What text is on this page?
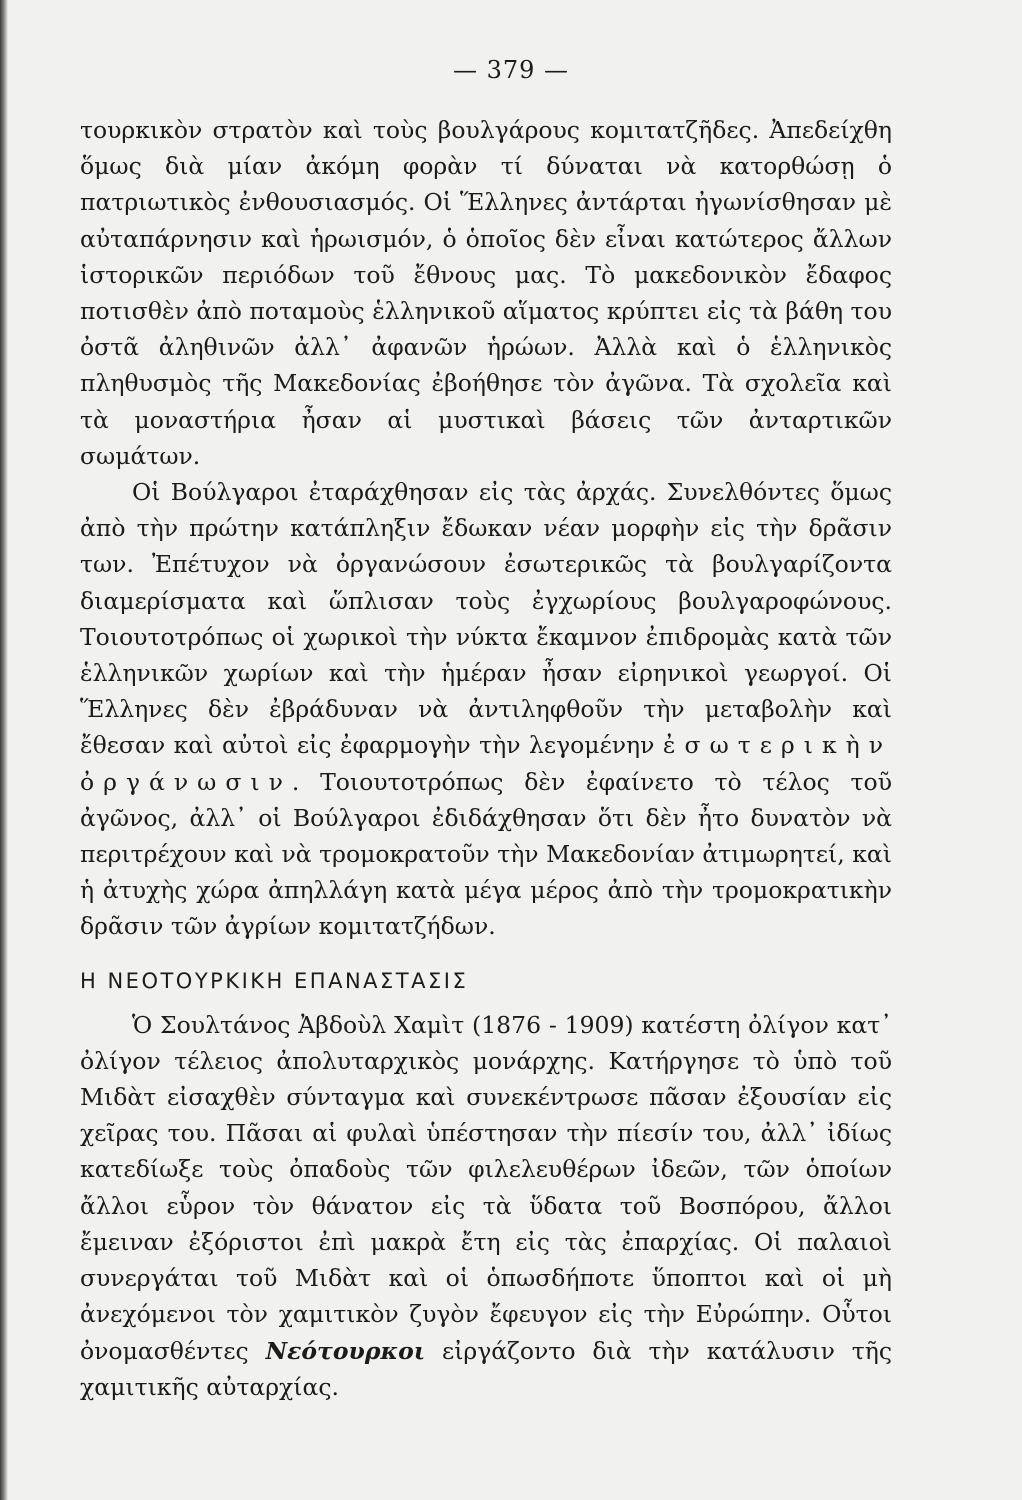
— 379 —

τουρκικὸν στρατὸν καὶ τοὺς βουλγάρους κομιτατζῆδες. Ἀπεδείχθη ὅμως διὰ μίαν ἀκόμη φορὰν τί δύναται νὰ κατορθώσῃ ὁ πατριωτικὸς ἐνθουσιασμός. Οἱ Ἕλληνες ἀντάρται ἠγωνίσθησαν μὲ αὐταπάρνησιν καὶ ἡρωισμόν, ὁ ὁποῖος δὲν εἶναι κατώτερος ἄλλων ἱστορικῶν περιόδων τοῦ ἔθνους μας. Τὸ μακεδονικὸν ἔδαφος ποτισθὲν ἀπὸ ποταμοὺς ἑλληνικοῦ αἵματος κρύπτει εἰς τὰ βάθη του ὀστᾶ ἀληθινῶν ἀλλ᾽ ἀφανῶν ἡρώων. Ἀλλὰ καὶ ὁ ἑλληνικὸς πληθυσμὸς τῆς Μακεδονίας ἐβοήθησε τὸν ἀγῶνα. Τὰ σχολεῖα καὶ τὰ μοναστήρια ἦσαν αἱ μυστικαὶ βάσεις τῶν ἀνταρτικῶν σωμάτων.

Οἱ Βούλγαροι ἐταράχθησαν εἰς τὰς ἀρχάς. Συνελθόντες ὅμως ἀπὸ τὴν πρώτην κατάπληξιν ἔδωκαν νέαν μορφὴν εἰς τὴν δρᾶσιν των. Ἐπέτυχον νὰ ὀργανώσουν ἐσωτερικῶς τὰ βουλγαρίζοντα διαμερίσματα καὶ ὥπλισαν τοὺς ἐγχωρίους βουλγαροφώνους. Τοιουτοτρόπως οἱ χωρικοὶ τὴν νύκτα ἔκαμνον ἐπιδρομὰς κατὰ τῶν ἑλληνικῶν χωρίων καὶ τὴν ἡμέραν ἦσαν εἰρηνικοὶ γεωργοί. Οἱ Ἕλληνες δὲν ἐβράδυναν νὰ ἀντιληφθοῦν τὴν μεταβολὴν καὶ ἔθεσαν καὶ αὐτοὶ εἰς ἐφαρμογὴν τὴν λεγομένην ἐσωτερικὴν ὀργάνωσιν. Τοιουτοτρόπως δὲν ἐφαίνετο τὸ τέλος τοῦ ἀγῶνος, ἀλλ᾽ οἱ Βούλγαροι ἐδιδάχθησαν ὅτι δὲν ἦτο δυνατὸν νὰ περιτρέχουν καὶ νὰ τρομοκρατοῦν τὴν Μακεδονίαν ἀτιμωρητεί, καὶ ἡ ἀτυχὴς χώρα ἀπηλλάγη κατὰ μέγα μέρος ἀπὸ τὴν τρομοκρατικὴν δρᾶσιν τῶν ἀγρίων κομιτατζήδων.

Η ΝΕΟΤΟΥΡΚΙΚΗ ΕΠΑΝΑΣΤΑΣΙΣ

Ὁ Σουλτάνος Ἀβδοὺλ Χαμὶτ (1876 - 1909) κατέστη ὀλίγον κατ᾽ ὀλίγον τέλειος ἀπολυταρχικὸς μονάρχης. Κατήργησε τὸ ὑπὸ τοῦ Μιδὰτ εἰσαχθὲν σύνταγμα καὶ συνεκέντρωσε πᾶσαν ἐξουσίαν εἰς χεῖρας του. Πᾶσαι αἱ φυλαὶ ὑπέστησαν τὴν πίεσίν του, ἀλλ᾽ ἰδίως κατεδίωξε τοὺς ὀπαδοὺς τῶν φιλελευθέρων ἰδεῶν, τῶν ὁποίων ἄλλοι εὗρον τὸν θάνατον εἰς τὰ ὕδατα τοῦ Βοσπόρου, ἄλλοι ἔμειναν ἐξόριστοι ἐπὶ μακρὰ ἔτη εἰς τὰς ἐπαρχίας. Οἱ παλαιοὶ συνεργάται τοῦ Μιδὰτ καὶ οἱ ὁπωσδήποτε ὕποπτοι καὶ οἱ μὴ ἀνεχόμενοι τὸν χαμιτικὸν ζυγὸν ἔφευγον εἰς τὴν Εὐρώπην. Οὗτοι ὀνομασθέντες Νεότουρκοι εἰργάζοντο διὰ τὴν κατάλυσιν τῆς χαμιτικῆς αὐταρχίας.
